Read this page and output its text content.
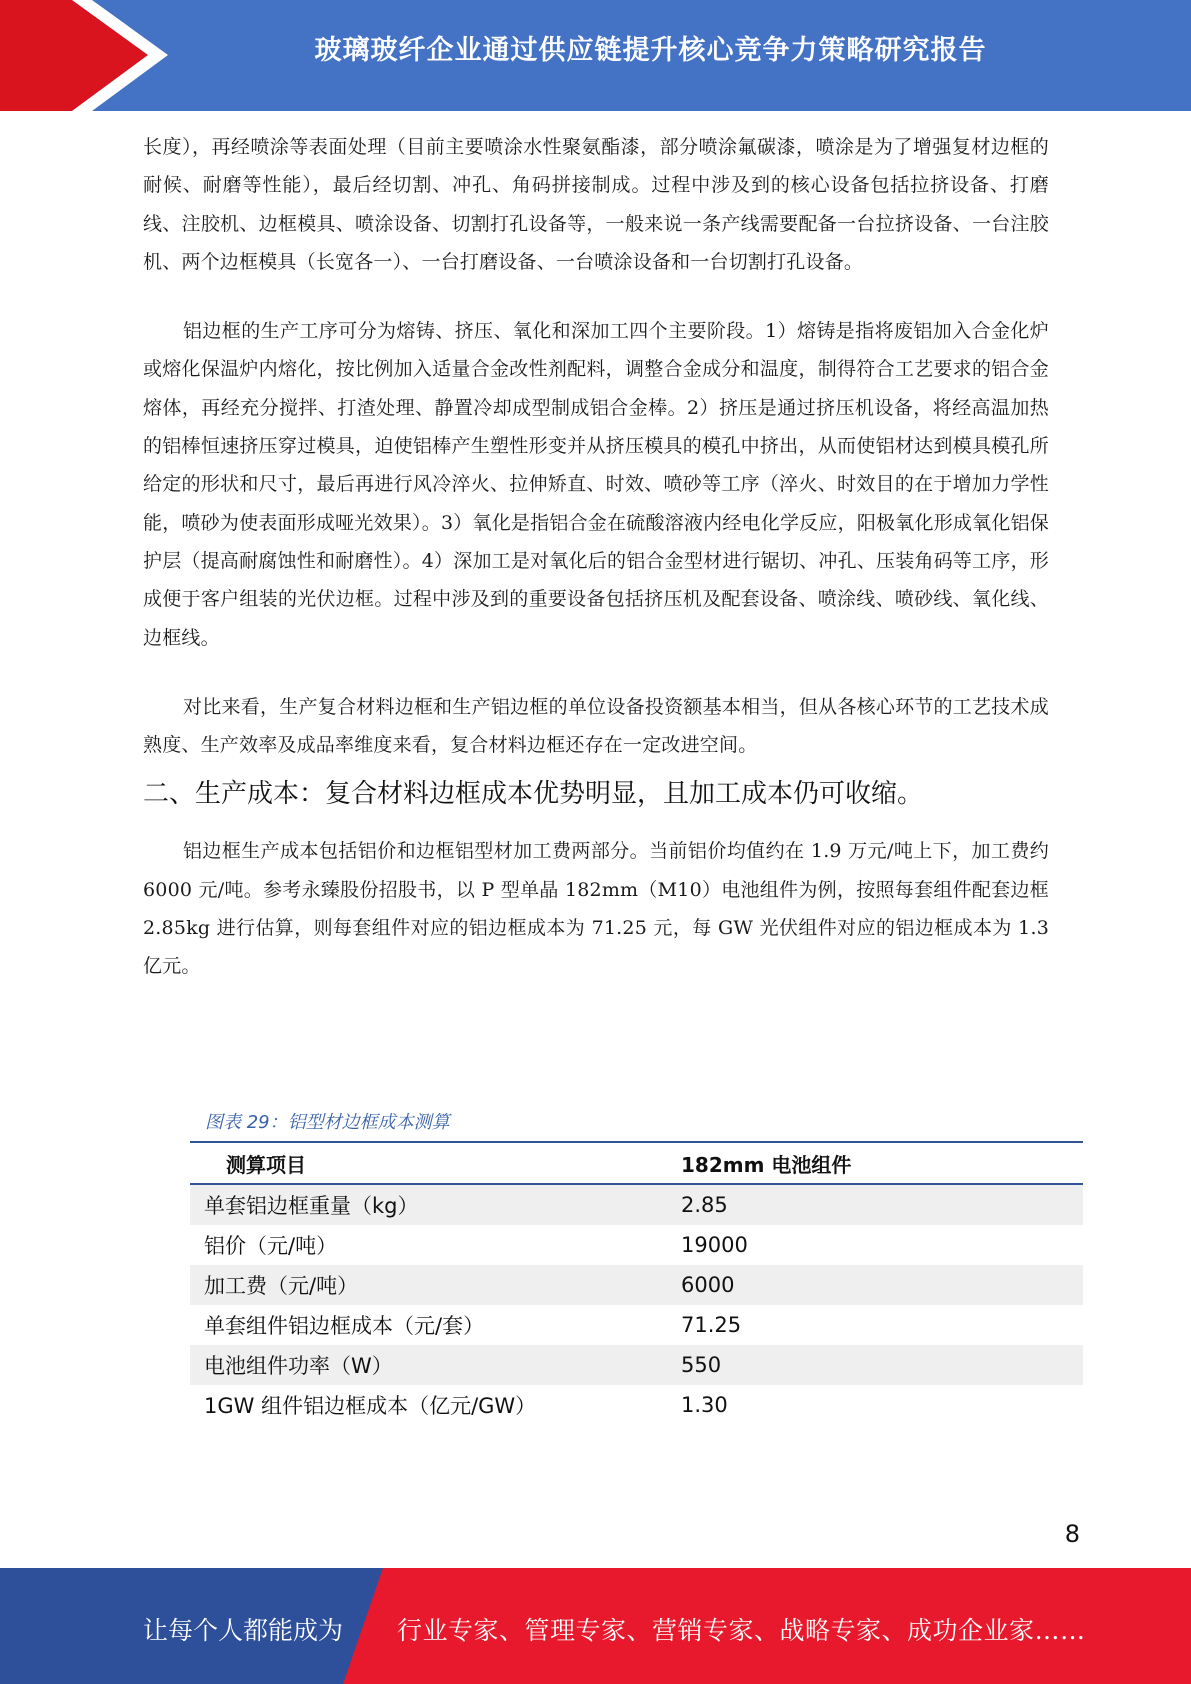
玻璃玻纤企业通过供应链提升核心竞争力策略研究报告

长度），再经喷涂等表面处理（目前主要喷涂水性聚氨酯漆，部分喷涂氟碳漆，喷涂是为了增强复材边框的耐候、耐磨等性能），最后经切割、冲孔、角码拼接制成。过程中涉及到的核心设备包括拉挤设备、打磨线、注胶机、边框模具、喷涂设备、切割打孔设备等，一般来说一条产线需要配备一台拉挤设备、一台注胶机、两个边框模具（长宽各一）、一台打磨设备、一台喷涂设备和一台切割打孔设备。

铝边框的生产工序可分为熔铸、挤压、氧化和深加工四个主要阶段。1）熔铸是指将废铝加入合金化炉或熔化保温炉内熔化，按比例加入适量合金改性剂配料，调整合金成分和温度，制得符合工艺要求的铝合金熔体，再经充分搅拌、打渣处理、静置冷却成型制成铝合金棒。2）挤压是通过挤压机设备，将经高温加热的铝棒恒速挤压穿过模具，迫使铝棒产生塑性形变并从挤压模具的模孔中挤出，从而使铝材达到模具模孔所给定的形状和尺寸，最后再进行风冷淬火、拉伸矫直、时效、喷砂等工序（淬火、时效目的在于增加力学性能，喷砂为使表面形成哑光效果）。3）氧化是指铝合金在硫酸溶液内经电化学反应，阳极氧化形成氧化铝保护层（提高耐腐蚀性和耐磨性）。4）深加工是对氧化后的铝合金型材进行锯切、冲孔、压装角码等工序，形成便于客户组装的光伏边框。过程中涉及到的重要设备包括挤压机及配套设备、喷涂线、喷砂线、氧化线、边框线。

对比来看，生产复合材料边框和生产铝边框的单位设备投资额基本相当，但从各核心环节的工艺技术成熟度、生产效率及成品率维度来看，复合材料边框还存在一定改进空间。

二、生产成本：复合材料边框成本优势明显，且加工成本仍可收缩。

铝边框生产成本包括铝价和边框铝型材加工费两部分。当前铝价均值约在 1.9 万元/吨上下，加工费约 6000 元/吨。参考永臻股份招股书，以 P 型单晶 182mm（M10）电池组件为例，按照每套组件配套边框 2.85kg 进行估算，则每套组件对应的铝边框成本为 71.25 元，每 GW 光伏组件对应的铝边框成本为 1.3 亿元。

图表 29：铝型材边框成本测算
测算项目	182mm 电池组件
单套铝边框重量（kg）	2.85
铝价（元/吨）	19000
加工费（元/吨）	6000
单套组件铝边框成本（元/套）	71.25
电池组件功率（W）	550
1GW 组件铝边框成本（亿元/GW）	1.30
8
让每个人都能成为 行业专家、管理专家、营销专家、战略专家、成功企业家……
